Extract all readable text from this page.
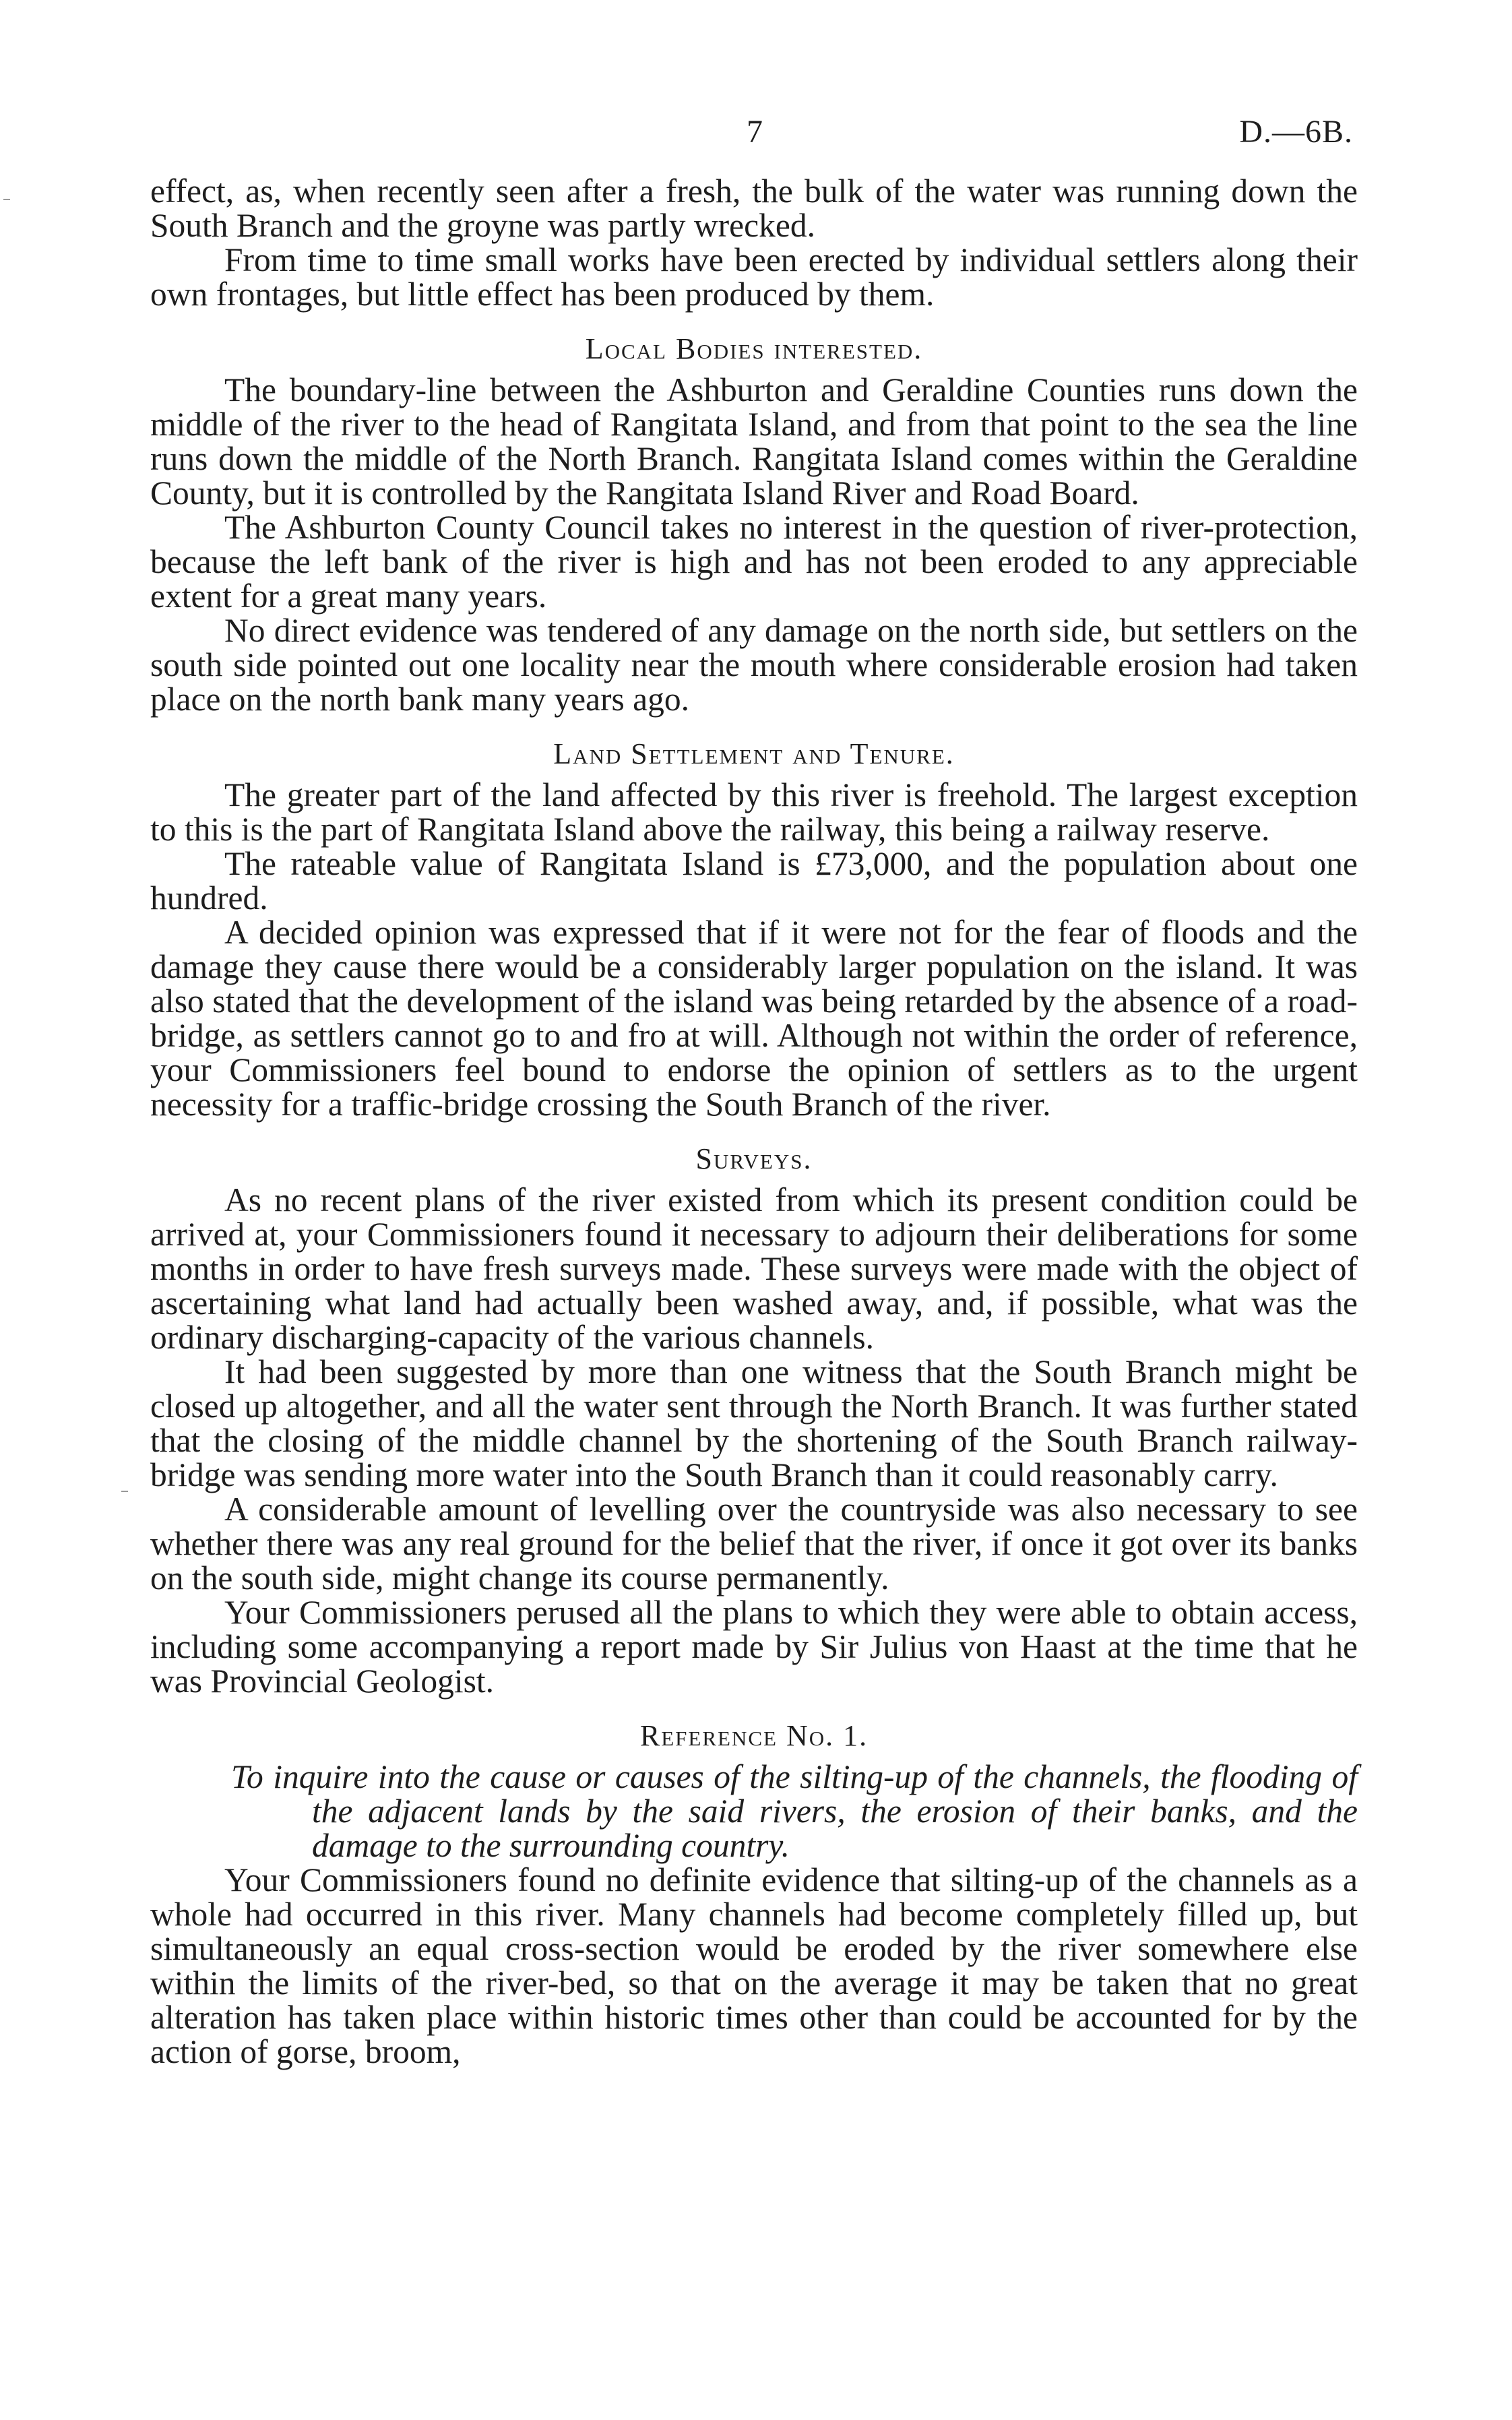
7	D.—6B.

effect, as, when recently seen after a fresh, the bulk of the water was running down the South Branch and the groyne was partly wrecked.

From time to time small works have been erected by individual settlers along their own frontages, but little effect has been produced by them.

Local Bodies interested.

The boundary-line between the Ashburton and Geraldine Counties runs down the middle of the river to the head of Rangitata Island, and from that point to the sea the line runs down the middle of the North Branch. Rangitata Island comes within the Geraldine County, but it is controlled by the Rangitata Island River and Road Board.

The Ashburton County Council takes no interest in the question of river-protection, because the left bank of the river is high and has not been eroded to any appreciable extent for a great many years.

No direct evidence was tendered of any damage on the north side, but settlers on the south side pointed out one locality near the mouth where considerable erosion had taken place on the north bank many years ago.

Land Settlement and Tenure.

The greater part of the land affected by this river is freehold. The largest exception to this is the part of Rangitata Island above the railway, this being a railway reserve.

The rateable value of Rangitata Island is £73,000, and the population about one hundred.

A decided opinion was expressed that if it were not for the fear of floods and the damage they cause there would be a considerably larger population on the island. It was also stated that the development of the island was being retarded by the absence of a road-bridge, as settlers cannot go to and fro at will. Although not within the order of reference, your Commissioners feel bound to endorse the opinion of settlers as to the urgent necessity for a traffic-bridge crossing the South Branch of the river.

Surveys.

As no recent plans of the river existed from which its present condition could be arrived at, your Commissioners found it necessary to adjourn their deliberations for some months in order to have fresh surveys made. These surveys were made with the object of ascertaining what land had actually been washed away, and, if possible, what was the ordinary discharging-capacity of the various channels.

It had been suggested by more than one witness that the South Branch might be closed up altogether, and all the water sent through the North Branch. It was further stated that the closing of the middle channel by the shortening of the South Branch railway-bridge was sending more water into the South Branch than it could reasonably carry.

A considerable amount of levelling over the countryside was also necessary to see whether there was any real ground for the belief that the river, if once it got over its banks on the south side, might change its course permanently.

Your Commissioners perused all the plans to which they were able to obtain access, including some accompanying a report made by Sir Julius von Haast at the time that he was Provincial Geologist.

Reference No. 1.

To inquire into the cause or causes of the silting-up of the channels, the flooding of the adjacent lands by the said rivers, the erosion of their banks, and the damage to the surrounding country.

Your Commissioners found no definite evidence that silting-up of the channels as a whole had occurred in this river. Many channels had become completely filled up, but simultaneously an equal cross-section would be eroded by the river somewhere else within the limits of the river-bed, so that on the average it may be taken that no great alteration has taken place within historic times other than could be accounted for by the action of gorse, broom,
